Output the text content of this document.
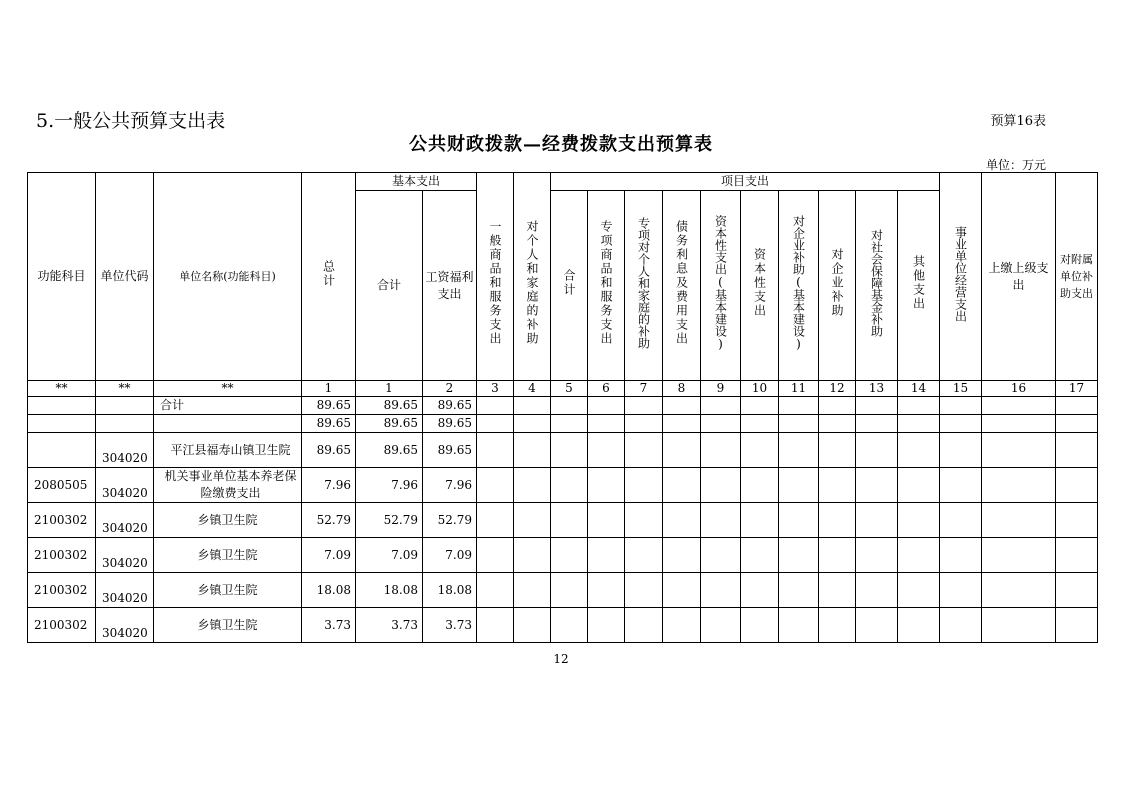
5.一般公共预算支出表	预算16表
公共财政拨款—经费拨款支出预算表
单位：万元
功能科目	单位代码	单位名称(功能科目)	总计	基本支出				项目支出										事业单位经营支出	上缴上级支出	对附属单位补助支出
				合计	工资福利支出	一般商品和服务支出	对个人和家庭的补助	合计	专项商品和服务支出	专项对个人和家庭的补助	债务利息及费用支出	资本性支出(基本建设)	资本性支出	对企业补助(基本建设)	对企业补助	对社会保障基金补助	其他支出			
**	**	**	1	1	2	3	4	5	6	7	8	9	10	11	12	13	14	15	16	17
		合计	89.65	89.65	89.65															
			89.65	89.65	89.65															
	304020	平江县福寿山镇卫生院	89.65	89.65	89.65															
2080505	304020	机关事业单位基本养老保险缴费支出	7.96	7.96	7.96															
2100302	304020	乡镇卫生院	52.79	52.79	52.79															
2100302	304020	乡镇卫生院	7.09	7.09	7.09															
2100302	304020	乡镇卫生院	18.08	18.08	18.08															
2100302	304020	乡镇卫生院	3.73	3.73	3.73															
12
